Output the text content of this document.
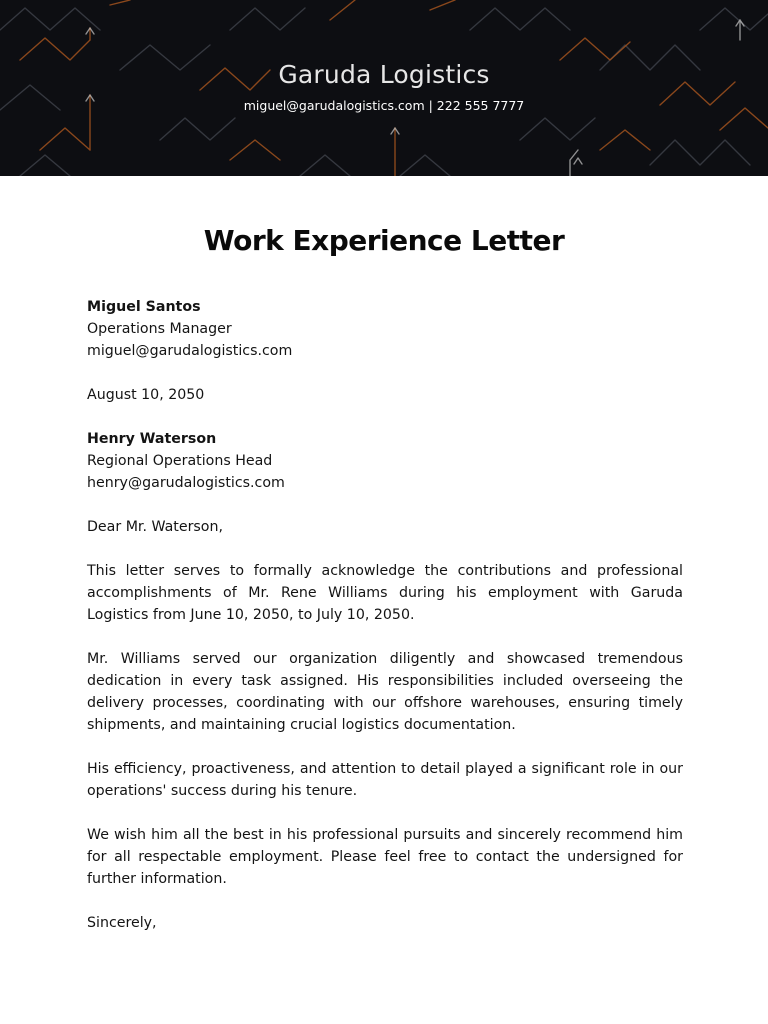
Garuda Logistics
miguel@garudalogistics.com | 222 555 7777
Work Experience Letter
Miguel Santos
Operations Manager
miguel@garudalogistics.com
August 10, 2050
Henry Waterson
Regional Operations Head
henry@garudalogistics.com
Dear Mr. Waterson,

This letter serves to formally acknowledge the contributions and professional accomplishments of Mr. Rene Williams during his employment with Garuda Logistics from June 10, 2050, to July 10, 2050.

Mr. Williams served our organization diligently and showcased tremendous dedication in every task assigned. His responsibilities included overseeing the delivery processes, coordinating with our offshore warehouses, ensuring timely shipments, and maintaining crucial logistics documentation.

His efficiency, proactiveness, and attention to detail played a significant role in our operations' success during his tenure.

We wish him all the best in his professional pursuits and sincerely recommend him for all respectable employment. Please feel free to contact the undersigned for further information.

Sincerely,
